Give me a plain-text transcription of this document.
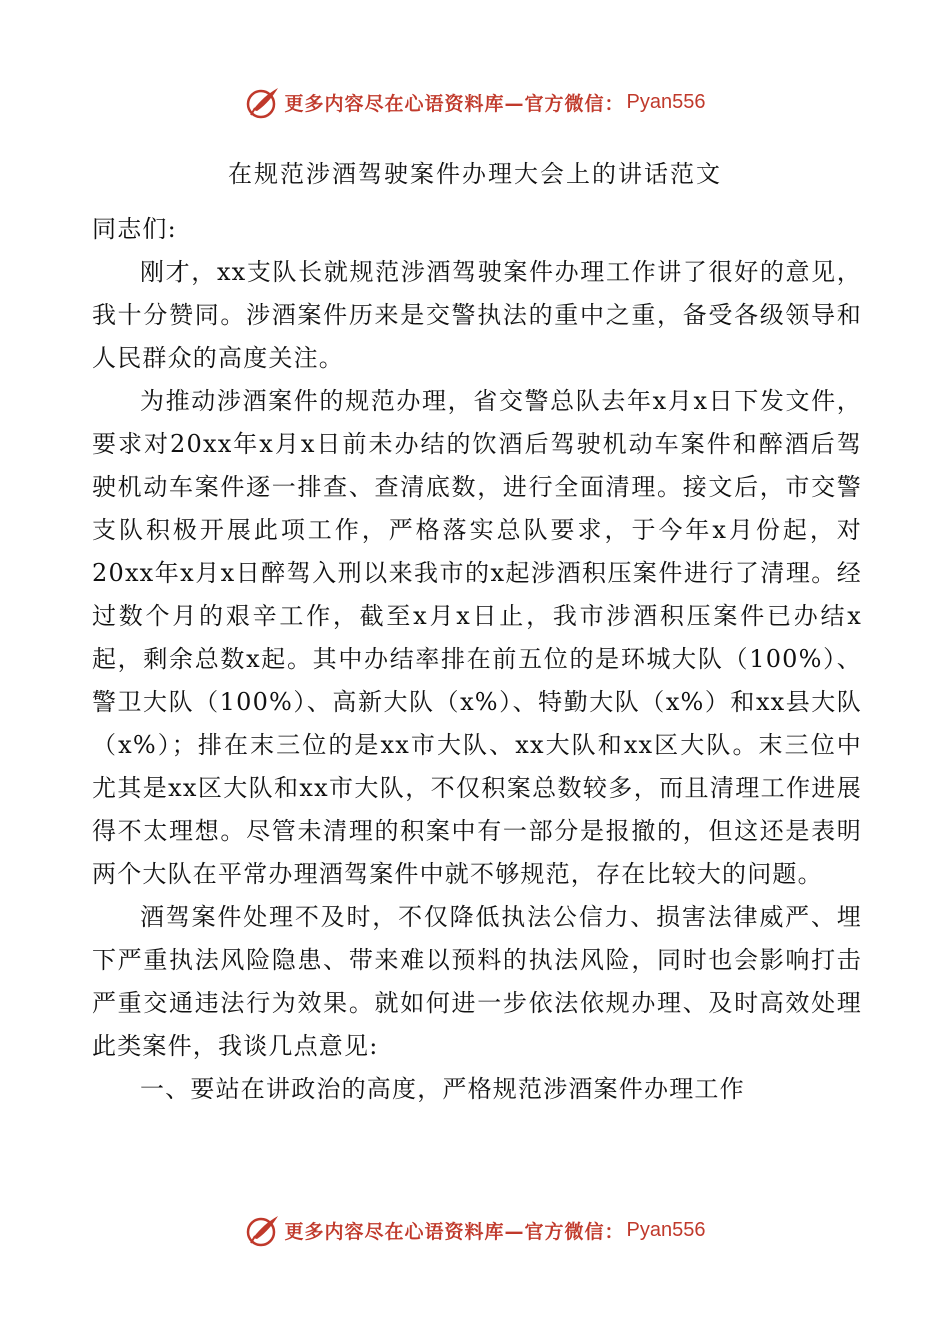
更多内容尽在心语资料库—官方微信： Pyan556
在规范涉酒驾驶案件办理大会上的讲话范文

同志们:

刚才，xx支队长就规范涉酒驾驶案件办理工作讲了很好的意见，我十分赞同。涉酒案件历来是交警执法的重中之重，备受各级领导和人民群众的高度关注。

为推动涉酒案件的规范办理，省交警总队去年x月x日下发文件，要求对20xx年x月x日前未办结的饮酒后驾驶机动车案件和醉酒后驾驶机动车案件逐一排查、查清底数，进行全面清理。接文后，市交警支队积极开展此项工作，严格落实总队要求，于今年x月份起，对20xx年x月x日醉驾入刑以来我市的x起涉酒积压案件进行了清理。经过数个月的艰辛工作，截至x月x日止，我市涉酒积压案件已办结x起，剩余总数x起。其中办结率排在前五位的是环城大队（100%）、警卫大队（100%）、高新大队（x%）、特勤大队（x%）和xx县大队（x%）；排在末三位的是xx市大队、xx大队和xx区大队。末三位中尤其是xx区大队和xx市大队，不仅积案总数较多，而且清理工作进展得不太理想。尽管未清理的积案中有一部分是报撤的，但这还是表明两个大队在平常办理酒驾案件中就不够规范，存在比较大的问题。

酒驾案件处理不及时，不仅降低执法公信力、损害法律威严、埋下严重执法风险隐患、带来难以预料的执法风险，同时也会影响打击严重交通违法行为效果。就如何进一步依法依规办理、及时高效处理此类案件，我谈几点意见:

一、要站在讲政治的高度，严格规范涉酒案件办理工作

更多内容尽在心语资料库—官方微信： Pyan556
